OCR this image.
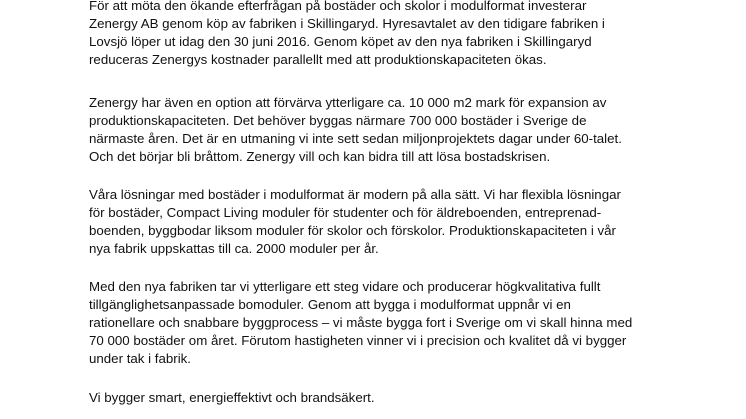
För att möta den ökande efterfrågan på bostäder och skolor i modulformat investerar
Zenergy AB genom köp av fabriken i Skillingaryd. Hyresavtalet av den tidigare fabriken i
Lovsjö löper ut idag den 30 juni 2016. Genom köpet av den nya fabriken i Skillingaryd
reduceras Zenergys kostnader parallellt med att produktionskapaciteten ökas.

Zenergy har även en option att förvärva ytterligare ca. 10 000 m2 mark för expansion av
produktionskapaciteten. Det behöver byggas närmare 700 000 bostäder i Sverige de
närmaste åren. Det är en utmaning vi inte sett sedan miljonprojektets dagar under 60-talet.
Och det börjar bli bråttom. Zenergy vill och kan bidra till att lösa bostadskrisen.

Våra lösningar med bostäder i modulformat är modern på alla sätt. Vi har flexibla lösningar
för bostäder, Compact Living moduler för studenter och för äldreboenden, entreprenad-
boenden, byggbodar liksom moduler för skolor och förskolor. Produktionskapaciteten i vår
nya fabrik uppskattas till ca. 2000 moduler per år.

Med den nya fabriken tar vi ytterligare ett steg vidare och producerar högkvalitativa fullt
tillgänglighetsanpassade bomoduler. Genom att bygga i modulformat uppnår vi en
rationellare och snabbare byggprocess – vi måste bygga fort i Sverige om vi skall hinna med
70 000 bostäder om året. Förutom hastigheten vinner vi i precision och kvalitet då vi bygger
under tak i fabrik.

Vi bygger smart, energieffektivt och brandsäkert.
